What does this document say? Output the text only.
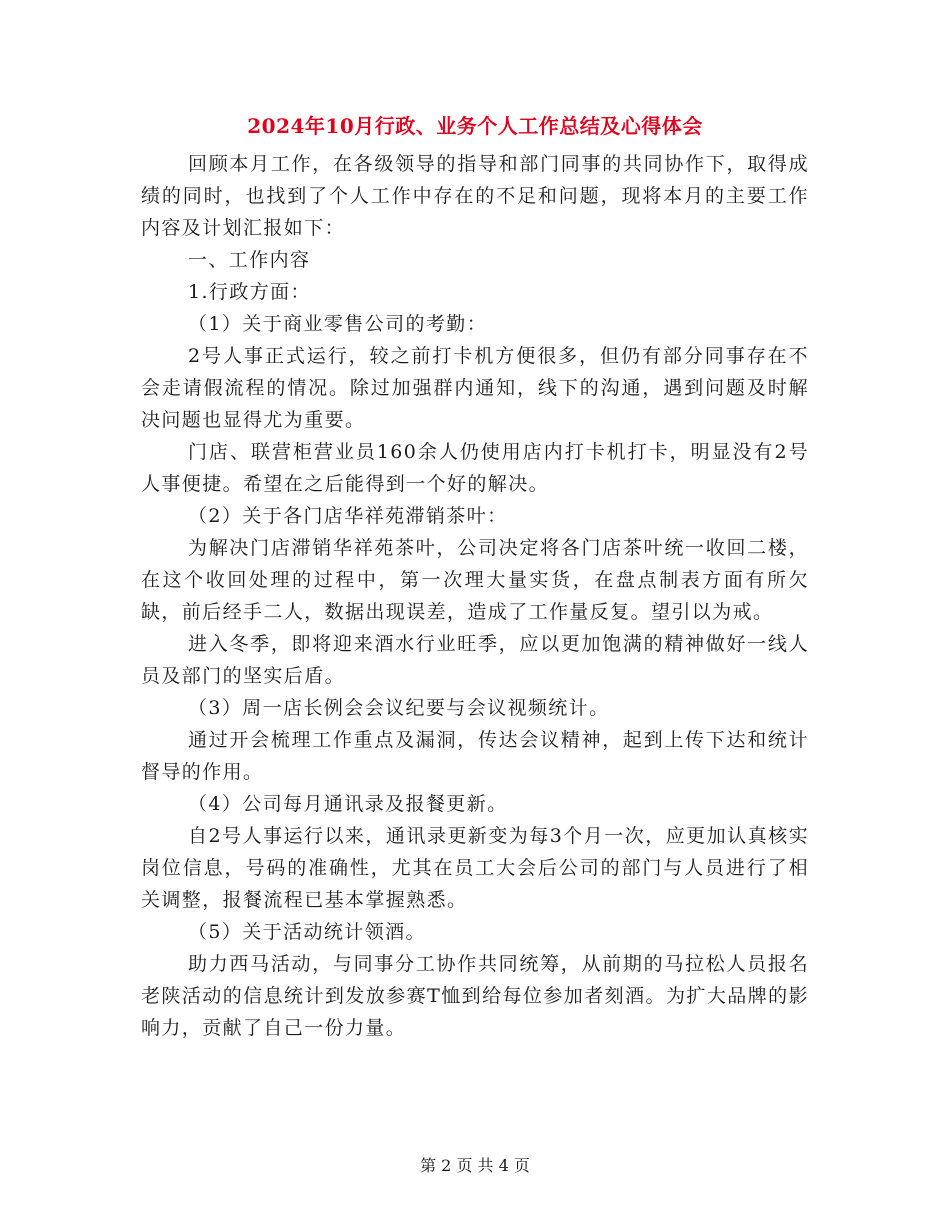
2024年10月行政、业务个人工作总结及心得体会

回顾本月工作，在各级领导的指导和部门同事的共同协作下，取得成绩的同时，也找到了个人工作中存在的不足和问题，现将本月的主要工作内容及计划汇报如下：

一、工作内容

1.行政方面：

（1）关于商业零售公司的考勤：

2号人事正式运行，较之前打卡机方便很多，但仍有部分同事存在不会走请假流程的情况。除过加强群内通知，线下的沟通，遇到问题及时解决问题也显得尤为重要。

门店、联营柜营业员160余人仍使用店内打卡机打卡，明显没有2号人事便捷。希望在之后能得到一个好的解决。

（2）关于各门店华祥苑滞销茶叶：

为解决门店滞销华祥苑茶叶，公司决定将各门店茶叶统一收回二楼，在这个收回处理的过程中，第一次理大量实货，在盘点制表方面有所欠缺，前后经手二人，数据出现误差，造成了工作量反复。望引以为戒。

进入冬季，即将迎来酒水行业旺季，应以更加饱满的精神做好一线人员及部门的坚实后盾。

（3）周一店长例会会议纪要与会议视频统计。

通过开会梳理工作重点及漏洞，传达会议精神，起到上传下达和统计督导的作用。

（4）公司每月通讯录及报餐更新。

自2号人事运行以来，通讯录更新变为每3个月一次，应更加认真核实岗位信息，号码的准确性，尤其在员工大会后公司的部门与人员进行了相关调整，报餐流程已基本掌握熟悉。

（5）关于活动统计领酒。

助力西马活动，与同事分工协作共同统筹，从前期的马拉松人员报名老陕活动的信息统计到发放参赛T恤到给每位参加者刻酒。为扩大品牌的影响力，贡献了自己一份力量。

第 2 页 共 4 页
